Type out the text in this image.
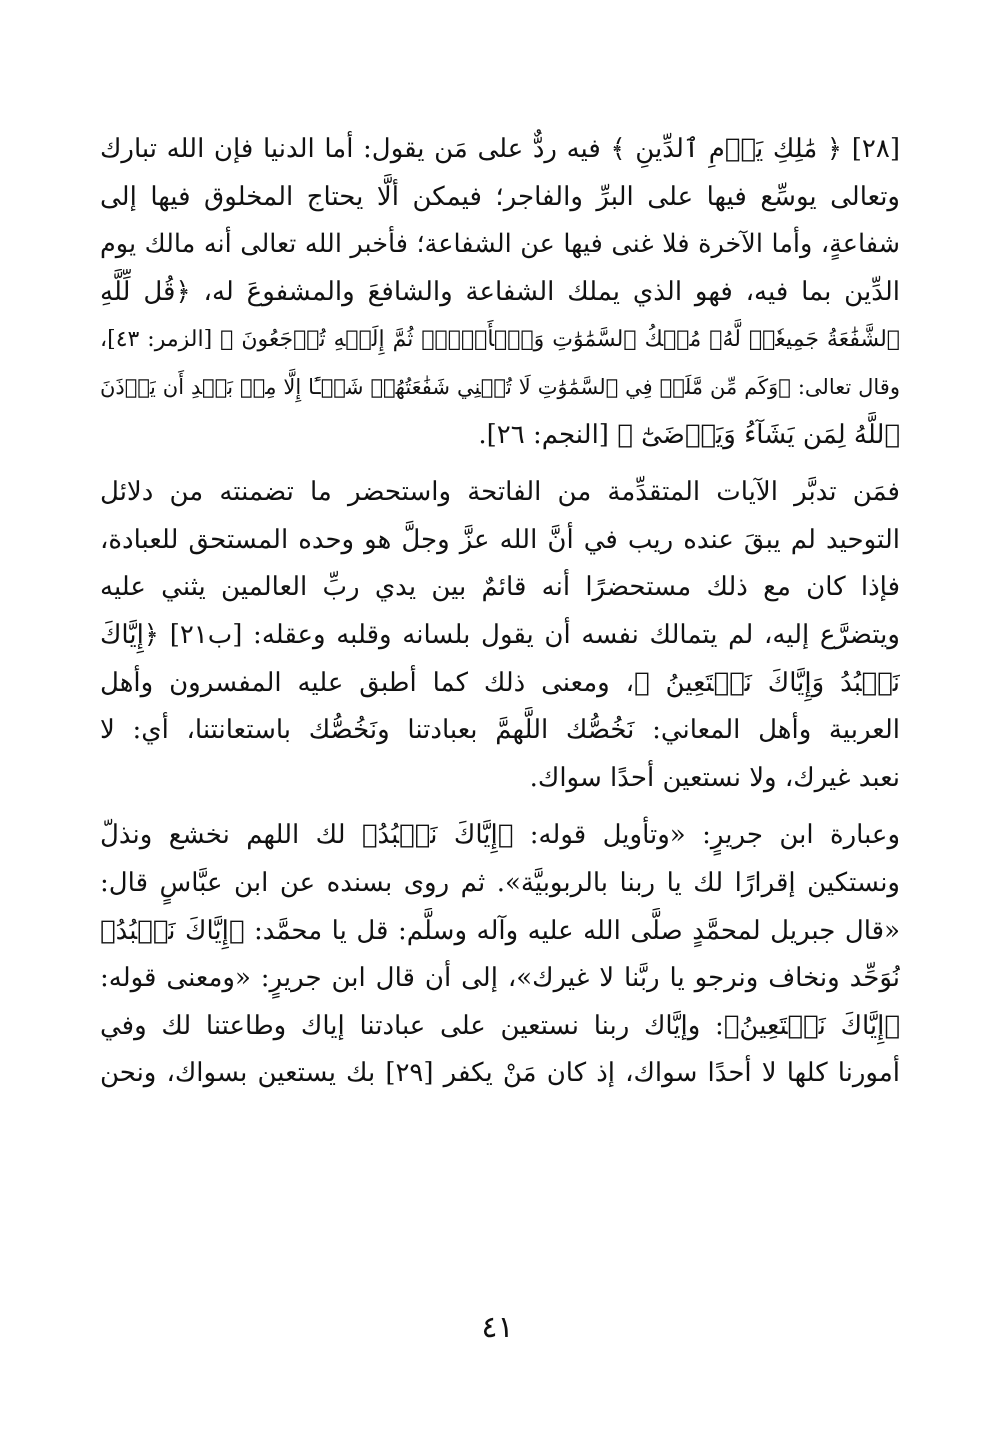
[٢٨] ﴿ مَٰلِكِ يَوۡمِ ٱلدِّينِ ﴾ فيه ردٌّ على مَن يقول: أما الدنيا فإن الله تبارك
وتعالى يوسِّع فيها على البرِّ والفاجر؛ فيمكن ألَّا يحتاج المخلوق فيها إلى
شفاعةٍ، وأما الآخرة فلا غنى فيها عن الشفاعة؛ فأخبر الله تعالى أنه مالك يوم
الدِّين بما فيه، فهو الذي يملك الشفاعة والشافعَ والمشفوعَ له، ﴿قُل لِّلَّهِ
ٱلشَّفَٰعَةُ جَمِيعٗاۖ لَّهُۥ مُلۡكُ ٱلسَّمَٰوَٰتِ وَٱلۡأَرۡضِۖ ثُمَّ إِلَيۡهِ تُرۡجَعُونَ ﴾ [الزمر: ٤٣]،
وقال تعالى: ﴿وَكَم مِّن مَّلَكٖ فِي ٱلسَّمَٰوَٰتِ لَا تُغۡنِي شَفَٰعَتُهُمۡ شَيۡـًٔا إِلَّا مِنۢ بَعۡدِ أَن يَأۡذَنَ
ٱللَّهُ لِمَن يَشَآءُ وَيَرۡضَىٰٓ ﴾ [النجم: ٢٦].
فمَن تدبَّر الآيات المتقدِّمة من الفاتحة واستحضر ما تضمنته من دلائل
التوحيد لم يبقَ عنده ريب في أنَّ الله عزَّ وجلَّ هو وحده المستحق للعبادة،
فإذا كان مع ذلك مستحضرًا أنه قائمٌ بين يدي ربِّ العالمين يثني عليه
ويتضرَّع إليه، لم يتمالك نفسه أن يقول بلسانه وقلبه وعقله: [ب٢١] ﴿إِيَّاكَ
نَعۡبُدُ وَإِيَّاكَ نَسۡتَعِينُ ﴾، ومعنى ذلك كما أطبق عليه المفسرون وأهل
العربية وأهل المعاني: نَخُصُّك اللَّهمَّ بعبادتنا ونَخُصُّك باستعانتنا، أي: لا
نعبد غيرك، ولا نستعين أحدًا سواك.
وعبارة ابن جريرٍ: «وتأويل قوله: ﴿إِيَّاكَ نَعۡبُدُ﴾ لك اللهم نخشع ونذلّ
ونستكين إقرارًا لك يا ربنا بالربوبيَّة». ثم روى بسنده عن ابن عبَّاسٍ قال:
«قال جبريل لمحمَّدٍ صلَّى الله عليه وآله وسلَّم: قل يا محمَّد: ﴿إِيَّاكَ نَعۡبُدُ﴾
نُوَحِّد ونخاف ونرجو يا ربَّنا لا غيرك»، إلى أن قال ابن جريرٍ: «ومعنى قوله:
﴿إِيَّاكَ نَسۡتَعِينُ﴾: وإيَّاك ربنا نستعين على عبادتنا إياك وطاعتنا لك وفي
أمورنا كلها لا أحدًا سواك، إذ كان مَنْ يكفر [٢٩] بك يستعين بسواك، ونحن
٤١
